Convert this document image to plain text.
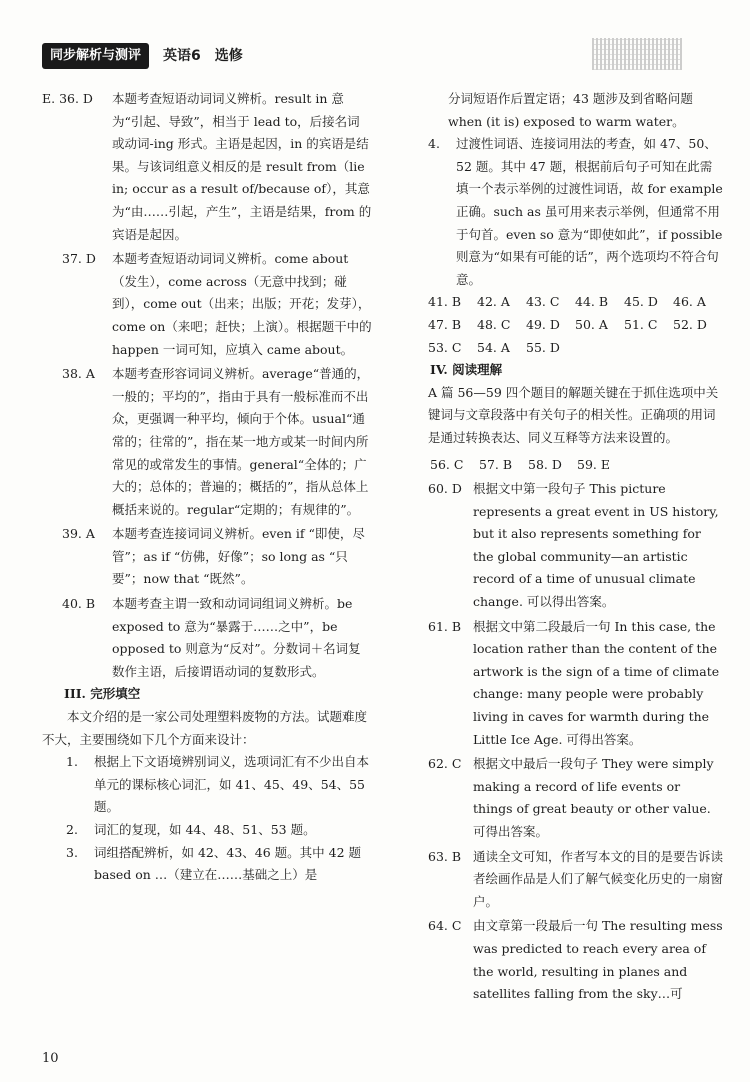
同步解析与测评	英语6　选修
E. 36. D	本题考查短语动词词义辨析。result in 意为“引起、导致”，相当于 lead to，后接名词或动词-ing 形式。主语是起因，in 的宾语是结果。与该词组意义相反的是 result from（lie in; occur as a result of/because of），其意为“由……引起，产生”，主语是结果，from 的宾语是起因。
37. D	本题考查短语动词词义辨析。come about（发生），come across（无意中找到；碰到），come out（出来；出版；开花；发芽），come on（来吧；赶快；上演）。根据题干中的 happen 一词可知，应填入 came about。
38. A	本题考查形容词词义辨析。average“普通的，一般的；平均的”，指由于具有一般标准而不出众，更强调一种平均，倾向于个体。usual“通常的；往常的”，指在某一地方或某一时间内所常见的或常发生的事情。general“全体的；广大的；总体的；普遍的；概括的”，指从总体上概括来说的。regular“定期的；有规律的”。
39. A	本题考查连接词词义辨析。even if “即使，尽管”；as if “仿佛，好像”；so long as “只要”；now that “既然”。
40. B	本题考查主谓一致和动词词组词义辨析。be exposed to 意为“暴露于……之中”，be opposed to 则意为“反对”。分数词＋名词复数作主语，后接谓语动词的复数形式。
III. 完形填空
本文介绍的是一家公司处理塑料废物的方法。试题难度不大，主要围绕如下几个方面来设计：
1.	根据上下文语境辨别词义，选项词汇有不少出自本单元的课标核心词汇，如 41、45、49、54、55 题。
2.	词汇的复现，如 44、48、51、53 题。
3.	词组搭配辨析，如 42、43、46 题。其中 42 题 based on …（建立在……基础之上）是
分词短语作后置定语；43 题涉及到省略问题 when (it is) exposed to warm water。
4.	过渡性词语、连接词用法的考查，如 47、50、52 题。其中 47 题，根据前后句子可知在此需填一个表示举例的过渡性词语，故 for example 正确。such as 虽可用来表示举例，但通常不用于句首。even so 意为“即使如此”，if possible 则意为“如果有可能的话”，两个选项均不符合句意。
41. B	42. A	43. C	44. B	45. D	46. A
47. B	48. C	49. D	50. A	51. C	52. D
53. C	54. A	55. D
IV. 阅读理解
A 篇 56—59 四个题目的解题关键在于抓住选项中关键词与文章段落中有关句子的相关性。正确项的用词是通过转换表达、同义互释等方法来设置的。
56. C	57. B	58. D	59. E
60. D 根据文中第一段句子 This picture represents a great event in US history, but it also represents something for the global community—an artistic record of a time of unusual climate change. 可以得出答案。
61. B 根据文中第二段最后一句 In this case, the location rather than the content of the artwork is the sign of a time of climate change: many people were probably living in caves for warmth during the Little Ice Age. 可得出答案。
62. C 根据文中最后一段句子 They were simply making a record of life events or things of great beauty or other value. 可得出答案。
63. B 通读全文可知，作者写本文的目的是要告诉读者绘画作品是人们了解气候变化历史的一扇窗户。
64. C 由文章第一段最后一句 The resulting mess was predicted to reach every area of the world, resulting in planes and satellites falling from the sky…可
10
